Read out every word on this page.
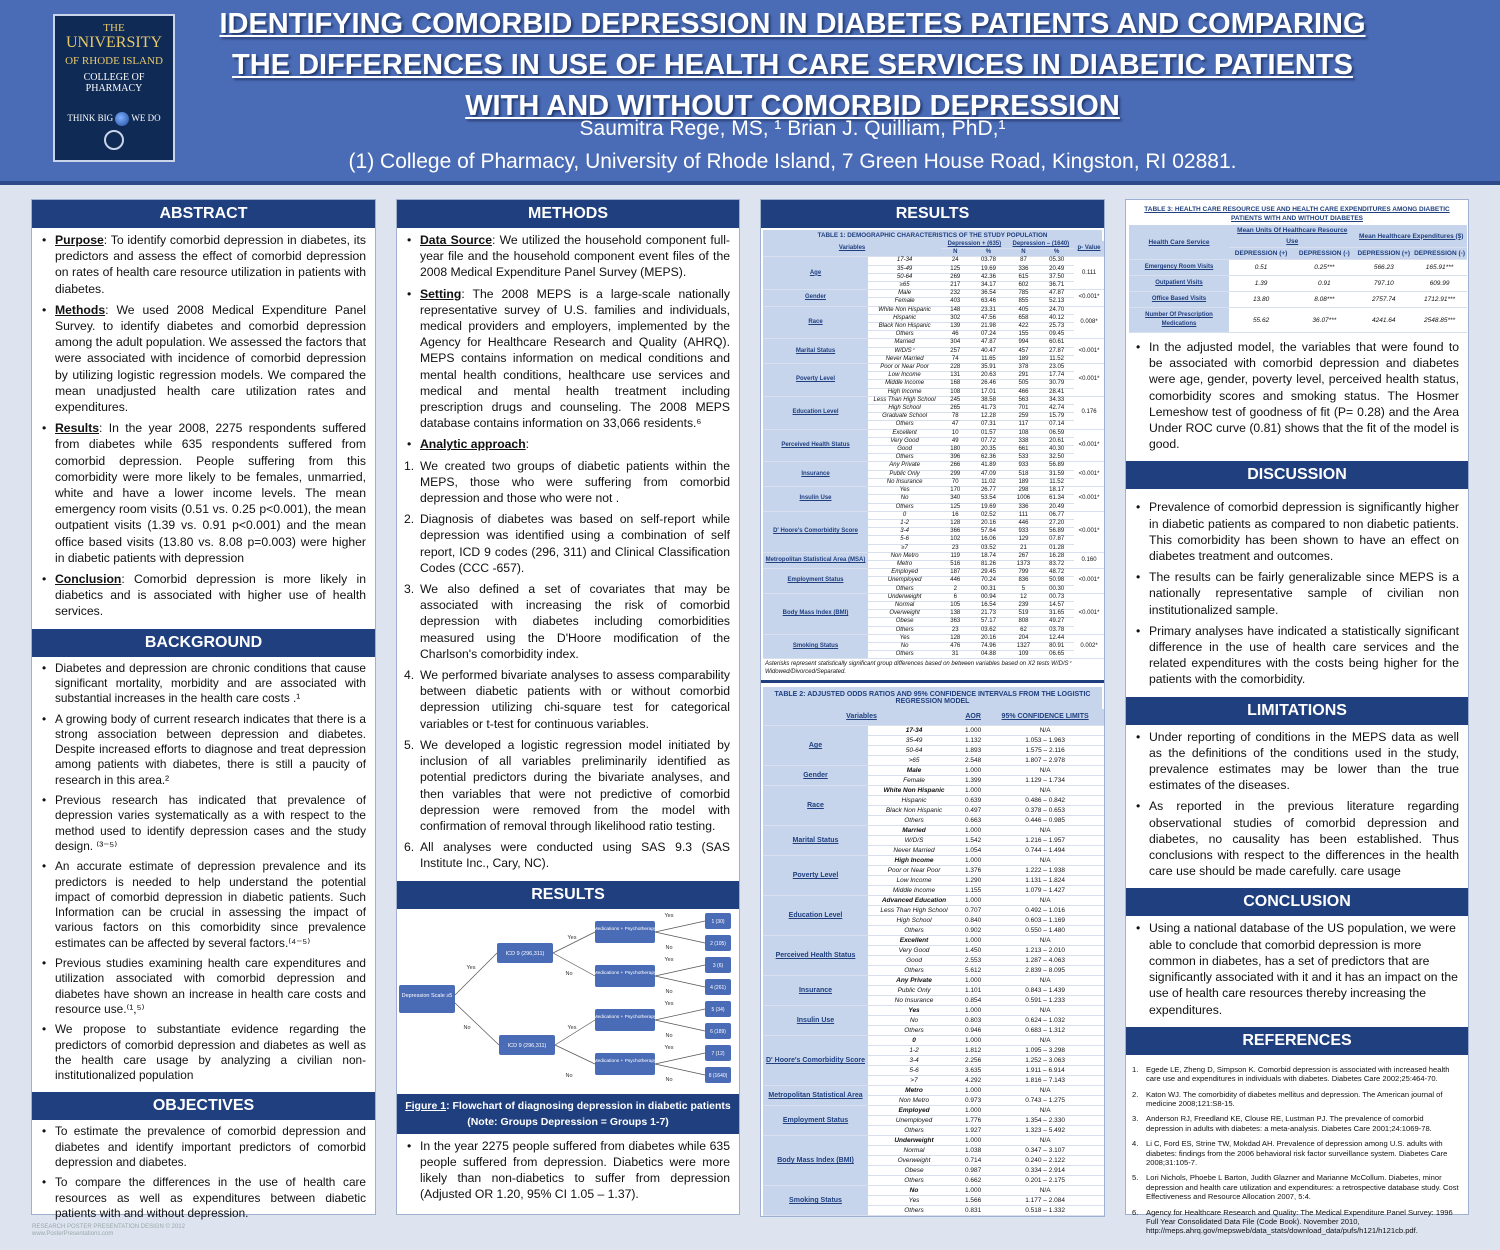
THE
UNIVERSITY
OF RHODE ISLAND
COLLEGE OF
PHARMACY
THINK BIG WE DO
IDENTIFYING COMORBID DEPRESSION IN DIABETES PATIENTS AND COMPARING THE DIFFERENCES IN USE OF HEALTH CARE SERVICES IN DIABETIC PATIENTS WITH AND WITHOUT COMORBID DEPRESSION
Saumitra Rege, MS, ¹ Brian J. Quilliam, PhD,¹
(1) College of Pharmacy, University of Rhode Island, 7 Green House Road, Kingston, RI 02881.
ABSTRACT
• Purpose: To identify comorbid depression in diabetes, its predictors and assess the effect of comorbid depression on rates of health care resource utilization in patients with diabetes.
• Methods: We used 2008 Medical Expenditure Panel Survey. to identify diabetes and comorbid depression among the adult population. We assessed the factors that were associated with incidence of comorbid depression by utilizing logistic regression models. We compared the mean unadjusted health care utilization rates and expenditures.
• Results: In the year 2008, 2275 respondents suffered from diabetes while 635 respondents suffered from comorbid depression. People suffering from this comorbidity were more likely to be females, unmarried, white and have a lower income levels. The mean emergency room visits (0.51 vs. 0.25 p<0.001), the mean outpatient visits (1.39 vs. 0.91 p<0.001) and the mean office based visits (13.80 vs. 8.08 p=0.003) were higher in diabetic patients with depression
• Conclusion: Comorbid depression is more likely in diabetics and is associated with higher use of health services.
BACKGROUND
• Diabetes and depression are chronic conditions that cause significant mortality, morbidity and are associated with substantial increases in the health care costs .¹
• A growing body of current research indicates that there is a strong association between depression and diabetes. Despite increased efforts to diagnose and treat depression among patients with diabetes, there is still a paucity of research in this area.²
• Previous research has indicated that prevalence of depression varies systematically as a with respect to the method used to identify depression cases and the study design. ⁽³⁻⁵⁾
• An accurate estimate of depression prevalence and its predictors is needed to help understand the potential impact of comorbid depression in diabetic patients. Such Information can be crucial in assessing the impact of various factors on this comorbidity since prevalence estimates can be affected by several factors.⁽⁴⁻⁵⁾
• Previous studies examining health care expenditures and utilization associated with comorbid depression and diabetes have shown an increase in health care costs and resource use.⁽¹,⁵⁾
• We propose to substantiate evidence regarding the predictors of comorbid depression and diabetes as well as the health care usage by analyzing a civilian non-institutionalized population
OBJECTIVES
• To estimate the prevalence of comorbid depression and diabetes and identify important predictors of comorbid depression and diabetes.
• To compare the differences in the use of health care resources as well as expenditures between diabetic patients with and without depression.
METHODS
• Data Source: We utilized the household component full-year file and the household component event files of the 2008 Medical Expenditure Panel Survey (MEPS).
• Setting: The 2008 MEPS is a large-scale nationally representative survey of U.S. families and individuals, medical providers and employers, implemented by the Agency for Healthcare Research and Quality (AHRQ). MEPS contains information on medical conditions and mental health conditions, healthcare use services and medical and mental health treatment including prescription drugs and counseling. The 2008 MEPS database contains information on 33,066 residents.⁶
• Analytic approach:
1. We created two groups of diabetic patients within the MEPS, those who were suffering from comorbid depression and those who were not .
2. Diagnosis of diabetes was based on self-report while depression was identified using a combination of self report, ICD 9 codes (296, 311) and Clinical Classification Codes (CCC -657).
3. We also defined a set of covariates that may be associated with increasing the risk of comorbid depression with diabetes including comorbidities measured using the D'Hoore modification of the Charlson's comorbidity index.
4. We performed bivariate analyses to assess comparability between diabetic patients with or without comorbid depression utilizing chi-square test for categorical variables or t-test for continuous variables.
5. We developed a logistic regression model initiated by inclusion of all variables preliminarily identified as potential predictors during the bivariate analyses, and then variables that were not predictive of comorbid depression were removed from the model with confirmation of removal through likelihood ratio testing.
6. All analyses were conducted using SAS 9.3 (SAS Institute Inc., Cary, NC).
RESULTS
Depression Scale ≥5
ICD 9 (296,311)
ICD 9 (296,311)
Yes
No
Medications + Psychotherapy
Medications + Psychotherapy
Medications + Psychotherapy
Medications + Psychotherapy
Yes
No
Yes
No
1 (30)
Yes
2 (105)
No
3 (6)
Yes
4 (261)
No
5 (34)
Yes
6 (189)
No
7 (12)
Yes
8 (1640)
No
Figure 1: Flowchart of diagnosing depression in diabetic patients
(Note: Groups Depression = Groups 1-7)
• In the year 2275 people suffered from diabetes while 635 people suffered from depression. Diabetics were more likely than non-diabetics to suffer from depression (Adjusted OR 1.20, 95% CI 1.05 – 1.37).
RESULTS
TABLE 1: DEMOGRAPHIC CHARACTERISTICS OF THE STUDY POPULATION
Variables		Depression + (635)		Depression – (1640)		p- Value
		N	%	N	%	
Age	17-34	24	03.78	87	05.30	0.111
	35-49	125	19.69	336	20.49	
	50-64	269	42.36	615	37.50	
	≥65	217	34.17	602	36.71	
Gender	Male	232	36.54	785	47.87	<0.001*
	Female	403	63.46	855	52.13	
Race	White Non Hispanic	148	23.31	405	24.70	0.008*
	Hispanic	302	47.56	658	40.12	
	Black Non Hispanic	139	21.98	422	25.73	
	Others	46	07.24	155	09.45	
Marital Status	Married	304	47.87	994	60.61	<0.001*
	W/D/S⁺	257	40.47	457	27.87	
	Never Married	74	11.65	189	11.52	
Poverty Level	Poor or Near Poor	228	35.91	378	23.05	<0.001*
	Low Income	131	20.63	291	17.74	
	Middle Income	168	26.46	505	30.79	
	High Income	108	17.01	466	28.41	
Education Level	Less Than High School	245	38.58	563	34.33	0.176
	High School	265	41.73	701	42.74	
	Graduate School	78	12.28	259	15.79	
	Others	47	07.31	117	07.14	
Perceived Health Status	Excellent	10	01.57	108	06.59	<0.001*
	Very Good	49	07.72	338	20.61	
	Good	180	20.35	661	40.30	
	Others	396	62.36	533	32.50	
Insurance	Any Private	266	41.89	933	56.89	<0.001*
	Public Only	299	47.09	518	31.59	
	No Insurance	70	11.02	189	11.52	
Insulin Use	Yes	170	26.77	298	18.17	<0.001*
	No	340	53.54	1006	61.34	
	Others	125	19.69	336	20.49	
D' Hoore's Comorbidity Score	0	16	02.52	111	06.77	<0.001*
	1-2	128	20.16	446	27.20	
	3-4	366	57.64	933	56.89	
	5-6	102	16.06	129	07.87	
	≥7	23	03.52	21	01.28	
Metropolitan Statistical Area (MSA)	Non Metro	119	18.74	267	16.28	0.160
	Metro	516	81.26	1373	83.72	
Employment Status	Employed	187	29.45	799	48.72	<0.001*
	Unemployed	446	70.24	836	50.98	
	Others	2	00.31	5	00.30	
Body Mass Index (BMI)	Underweight	6	00.94	12	00.73	<0.001*
	Normal	105	16.54	239	14.57	
	Overweight	138	21.73	519	31.65	
	Obese	363	57.17	808	49.27	
	Others	23	03.62	62	03.78	
Smoking Status	Yes	128	20.16	204	12.44	0.002*
	No	476	74.96	1327	80.91	
	Others	31	04.88	109	06.65	
Asterisks represent statistically significant group differences based on between variables based on X2 tests W/D/S⁺ Widowed/Divorced/Separated.
TABLE 2: ADJUSTED ODDS RATIOS AND 95% CONFIDENCE INTERVALS FROM THE LOGISTIC REGRESSION MODEL
Variables		AOR	95% CONFIDENCE LIMITS
Age	17-34	1.000	N/A
	35-49	1.132	1.053 – 1.963
	50-64	1.893	1.575 – 2.116
	>65	2.548	1.807 – 2.978
Gender	Male	1.000	N/A
	Female	1.399	1.129 – 1.734
Race	White Non Hispanic	1.000	N/A
	Hispanic	0.639	0.486 – 0.842
	Black Non Hispanic	0.497	0.378 – 0.653
	Others	0.663	0.446 – 0.985
Marital Status	Married	1.000	N/A
	W/D/S	1.542	1.216 – 1.957
	Never Married	1.054	0.744 – 1.494
Poverty Level	High Income	1.000	N/A
	Poor or Near Poor	1.376	1.222 – 1.938
	Low Income	1.290	1.131 – 1.824
	Middle Income	1.155	1.079 – 1.427
Education Level	Advanced Education	1.000	N/A
	Less Than High School	0.707	0.492 – 1.016
	High School	0.840	0.603 – 1.169
	Others	0.902	0.550 – 1.480
Perceived Health Status	Excellent	1.000	N/A
	Very Good	1.450	1.213 – 2.010
	Good	2.553	1.287 – 4.063
	Others	5.612	2.839 – 8.095
Insurance	Any Private	1.000	N/A
	Public Only	1.101	0.843 – 1.439
	No Insurance	0.854	0.591 – 1.233
Insulin Use	Yes	1.000	N/A
	No	0.803	0.624 – 1.032
	Others	0.946	0.683 – 1.312
D' Hoore's Comorbidity Score	0	1.000	N/A
	1-2	1.812	1.095 – 3.298
	3-4	2.256	1.252 – 3.063
	5-6	3.635	1.911 – 6.914
	>7	4.292	1.816 – 7.143
Metropolitan Statistical Area	Metro	1.000	N/A
	Non Metro	0.973	0.743 – 1.275
Employment Status	Employed	1.000	N/A
	Unemployed	1.776	1.354 – 2.330
	Others	1.927	1.323 – 5.492
Body Mass Index (BMI)	Underweight	1.000	N/A
	Normal	1.038	0.347 – 3.107
	Overweight	0.714	0.240 – 2.122
	Obese	0.987	0.334 – 2.914
	Others	0.662	0.201 – 2.175
Smoking Status	No	1.000	N/A
	Yes	1.566	1.177 – 2.084
	Others	0.831	0.518 – 1.332
TABLE 3: HEALTH CARE RESOURCE USE AND HEALTH CARE EXPENDITURES AMONG DIABETIC PATIENTS WITH AND WITHOUT DIABETES
Health Care Service	Mean Units Of Healthcare Resource Use		Mean Healthcare Expenditures ($)	
	DEPRESSION (+)	DEPRESSION (-)	DEPRESSION (+)	DEPRESSION (-)
Emergency Room Visits	0.51	0.25***	566.23	165.91***
Outpatient Visits	1.39	0.91	797.10	609.99
Office Based Visits	13.80	8.08***	2757.74	1712.91***
Number Of Prescription Medications	55.62	36.07***	4241.64	2548.85***
• In the adjusted model, the variables that were found to be associated with comorbid depression and diabetes were age, gender, poverty level, perceived health status, comorbidity scores and smoking status. The Hosmer Lemeshow test of goodness of fit (P= 0.28) and the Area Under ROC curve (0.81) shows that the fit of the model is good.
DISCUSSION
• Prevalence of comorbid depression is significantly higher in diabetic patients as compared to non diabetic patients. This comorbidity has been shown to have an effect on diabetes treatment and outcomes.
• The results can be fairly generalizable since MEPS is a nationally representative sample of civilian non institutionalized sample.
• Primary analyses have indicated a statistically significant difference in the use of health care services and the related expenditures with the costs being higher for the patients with the comorbidity.
LIMITATIONS
• Under reporting of conditions in the MEPS data as well as the definitions of the conditions used in the study, prevalence estimates may be lower than the true estimates of the diseases.
• As reported in the previous literature regarding observational studies of comorbid depression and diabetes, no causality has been established. Thus conclusions with respect to the differences in the health care use should be made carefully. care usage
CONCLUSION
• Using a national database of the US population, we were able to conclude that comorbid depression is more common in diabetes, has a set of predictors that are significantly associated with it and it has an impact on the use of health care resources thereby increasing the expenditures.
REFERENCES
1. Egede LE, Zheng D, Simpson K. Comorbid depression is associated with increased health care use and expenditures in individuals with diabetes. Diabetes Care 2002;25:464-70.
2. Katon WJ. The comorbidity of diabetes mellitus and depression. The American journal of medicine 2008;121:S8-15.
3. Anderson RJ, Freedland KE, Clouse RE, Lustman PJ. The prevalence of comorbid depression in adults with diabetes: a meta-analysis. Diabetes Care 2001;24:1069-78.
4. Li C, Ford ES, Strine TW, Mokdad AH. Prevalence of depression among U.S. adults with diabetes: findings from the 2006 behavioral risk factor surveillance system. Diabetes Care 2008;31:105-7.
5. Lori Nichols, Phoebe L Barton, Judith Glazner and Marianne McCollum. Diabetes, minor depression and health care utilization and expenditures: a retrospective database study. Cost Effectiveness and Resource Allocation 2007, 5:4.
6. Agency for Healthcare Research and Quality: The Medical Expenditure Panel Survey: 1996 Full Year Consolidated Data File (Code Book). November 2010, http://meps.ahrq.gov/mepsweb/data_stats/download_data/pufs/h121/h121cb.pdf.
RESEARCH POSTER PRESENTATION DESIGN © 2012
www.PosterPresentations.com
